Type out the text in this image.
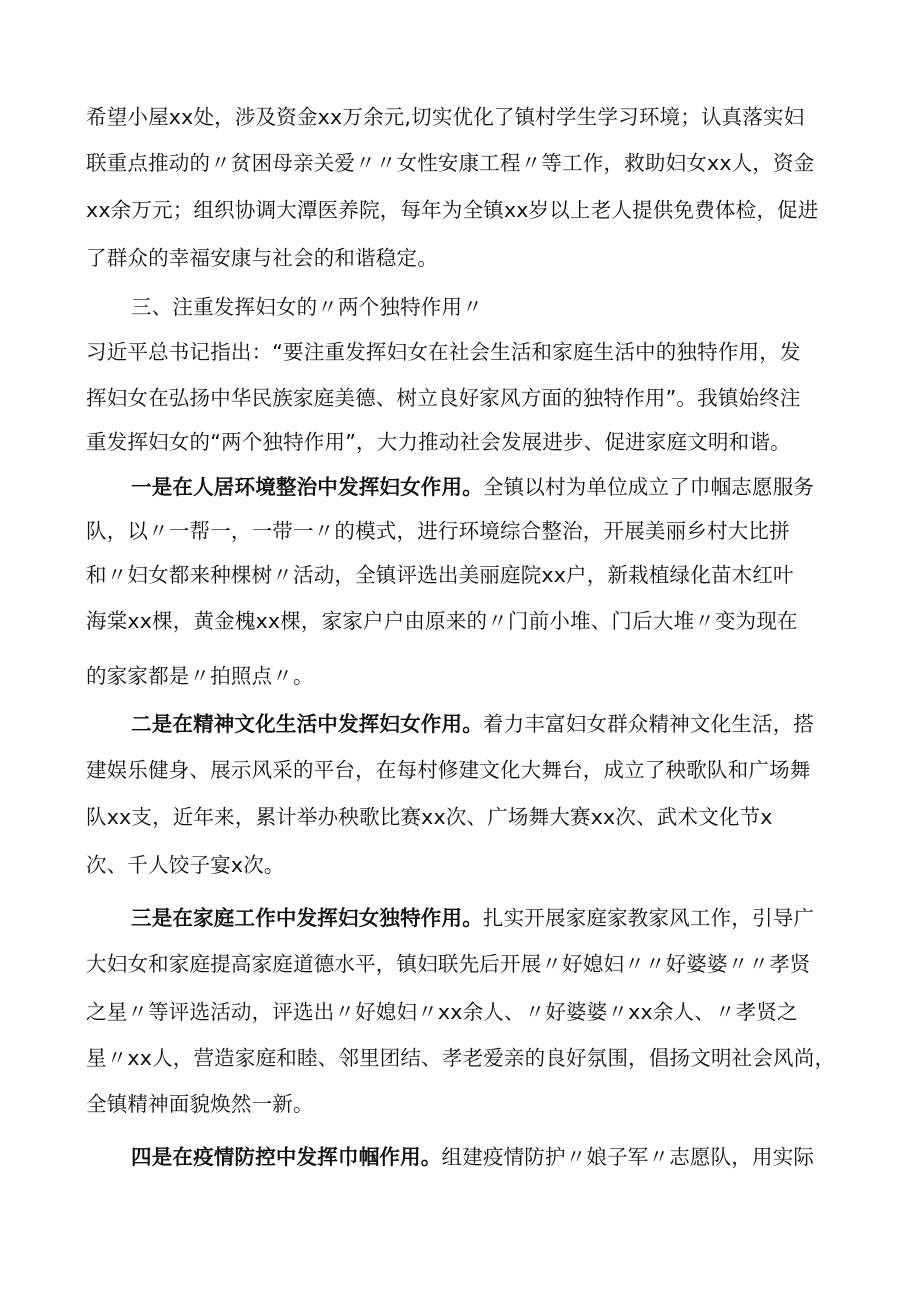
希望小屋xx处，涉及资金xx万余元,切实优化了镇村学生学习环境；认真落实妇
联重点推动的〃贫困母亲关爱〃〃女性安康工程〃等工作，救助妇女xx人，资金
xx余万元；组织协调大潭医养院，每年为全镇xx岁以上老人提供免费体检，促进
了群众的幸福安康与社会的和谐稳定。
三、注重发挥妇女的〃两个独特作用〃
习近平总书记指出：“要注重发挥妇女在社会生活和家庭生活中的独特作用，发
挥妇女在弘扬中华民族家庭美德、树立良好家风方面的独特作用”。我镇始终注
重发挥妇女的“两个独特作用”，大力推动社会发展进步、促进家庭文明和谐。
一是在人居环境整治中发挥妇女作用。全镇以村为单位成立了巾帼志愿服务
队，以〃一帮一，一带一〃的模式，进行环境综合整治，开展美丽乡村大比拼
和〃妇女都来种棵树〃活动，全镇评选出美丽庭院xx户，新栽植绿化苗木红叶
海棠xx棵，黄金槐xx棵，家家户户由原来的〃门前小堆、门后大堆〃变为现在
的家家都是〃拍照点〃。
二是在精神文化生活中发挥妇女作用。着力丰富妇女群众精神文化生活，搭
建娱乐健身、展示风采的平台，在每村修建文化大舞台，成立了秧歌队和广场舞
队xx支，近年来，累计举办秧歌比赛xx次、广场舞大赛xx次、武术文化节x
次、千人饺子宴x次。
三是在家庭工作中发挥妇女独特作用。扎实开展家庭家教家风工作，引导广
大妇女和家庭提高家庭道德水平，镇妇联先后开展〃好媳妇〃〃好婆婆〃〃孝贤
之星〃等评选活动，评选出〃好媳妇〃xx余人、〃好婆婆〃xx余人、〃孝贤之
星〃xx人，营造家庭和睦、邻里团结、孝老爱亲的良好氛围，倡扬文明社会风尚，
全镇精神面貌焕然一新。
四是在疫情防控中发挥巾帼作用。组建疫情防护〃娘子军〃志愿队，用实际
